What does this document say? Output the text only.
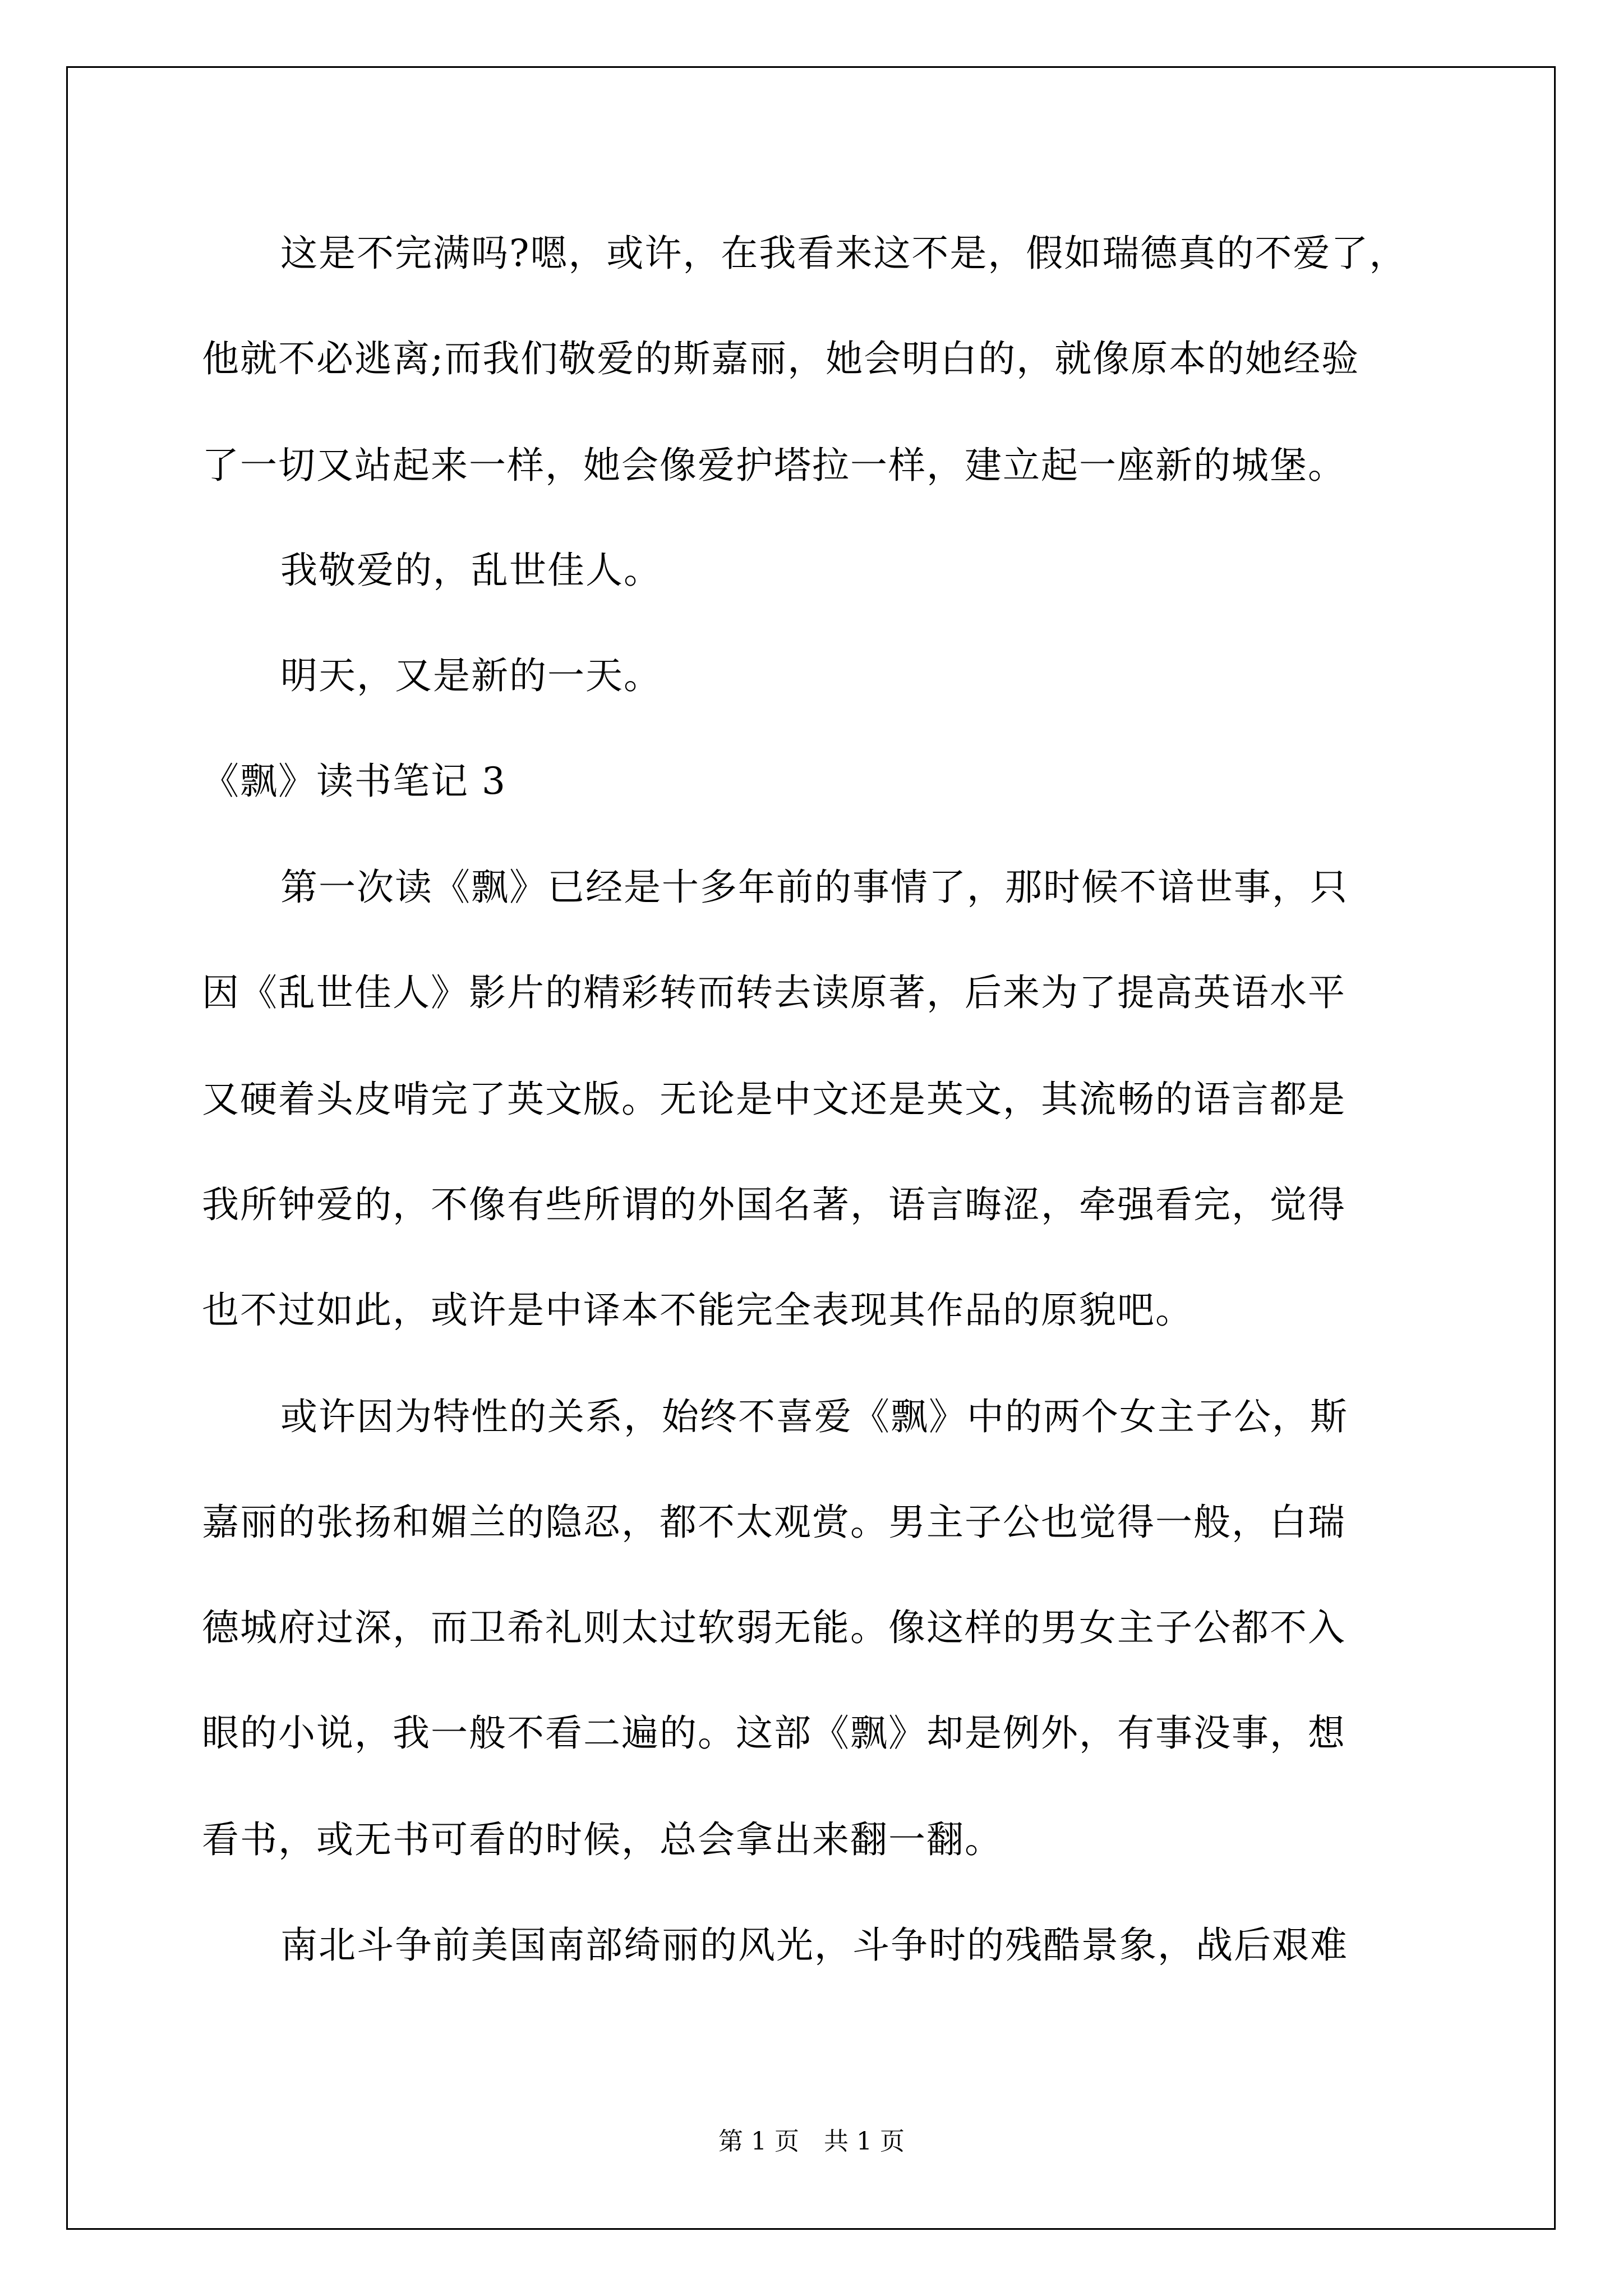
这是不完满吗?嗯，或许，在我看来这不是，假如瑞德真的不爱了，
他就不必逃离;而我们敬爱的斯嘉丽，她会明白的，就像原本的她经验
了一切又站起来一样，她会像爱护塔拉一样，建立起一座新的城堡。
我敬爱的，乱世佳人。
明天，又是新的一天。
《飘》读书笔记 3
第一次读《飘》已经是十多年前的事情了，那时候不谙世事，只
因《乱世佳人》影片的精彩转而转去读原著，后来为了提高英语水平
又硬着头皮啃完了英文版。无论是中文还是英文，其流畅的语言都是
我所钟爱的，不像有些所谓的外国名著，语言晦涩，牵强看完，觉得
也不过如此，或许是中译本不能完全表现其作品的原貌吧。
或许因为特性的关系，始终不喜爱《飘》中的两个女主子公，斯
嘉丽的张扬和媚兰的隐忍，都不太观赏。男主子公也觉得一般，白瑞
德城府过深，而卫希礼则太过软弱无能。像这样的男女主子公都不入
眼的小说，我一般不看二遍的。这部《飘》却是例外，有事没事，想
看书，或无书可看的时候，总会拿出来翻一翻。
南北斗争前美国南部绮丽的风光，斗争时的残酷景象，战后艰难
第 1 页　共 1 页
